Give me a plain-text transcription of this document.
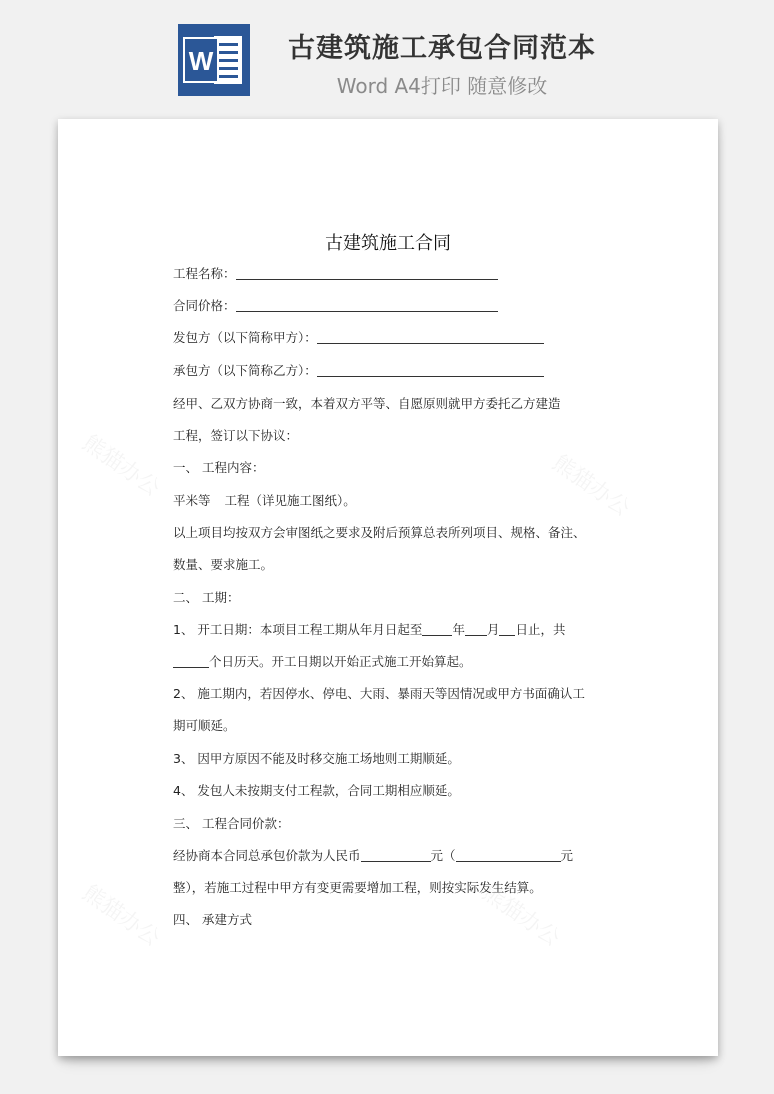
W	古建筑施工承包合同范本
Word A4打印 随意修改
古建筑施工合同
工程名称：
合同价格：
发包方（以下简称甲方）：
承包方（以下简称乙方）：
经甲、乙双方协商一致，本着双方平等、自愿原则就甲方委托乙方建造
工程，签订以下协议：
一、 工程内容：
平米等 工程（详见施工图纸）。
以上项目均按双方会审图纸之要求及附后预算总表所列项目、规格、备注、
数量、要求施工。
二、 工期：
1、 开工日期：本项目工程工期从年月日起至 年 月 日止，共
个日历天。开工日期以开始正式施工开始算起。
2、 施工期内，若因停水、停电、大雨、暴雨天等因情况或甲方书面确认工
期可顺延。
3、 因甲方原因不能及时移交施工场地则工期顺延。
4、 发包人未按期支付工程款，合同工期相应顺延。
三、 工程合同价款：
经协商本合同总承包价款为人民币	元（	元
整），若施工过程中甲方有变更需要增加工程，则按实际发生结算。
四、 承建方式
